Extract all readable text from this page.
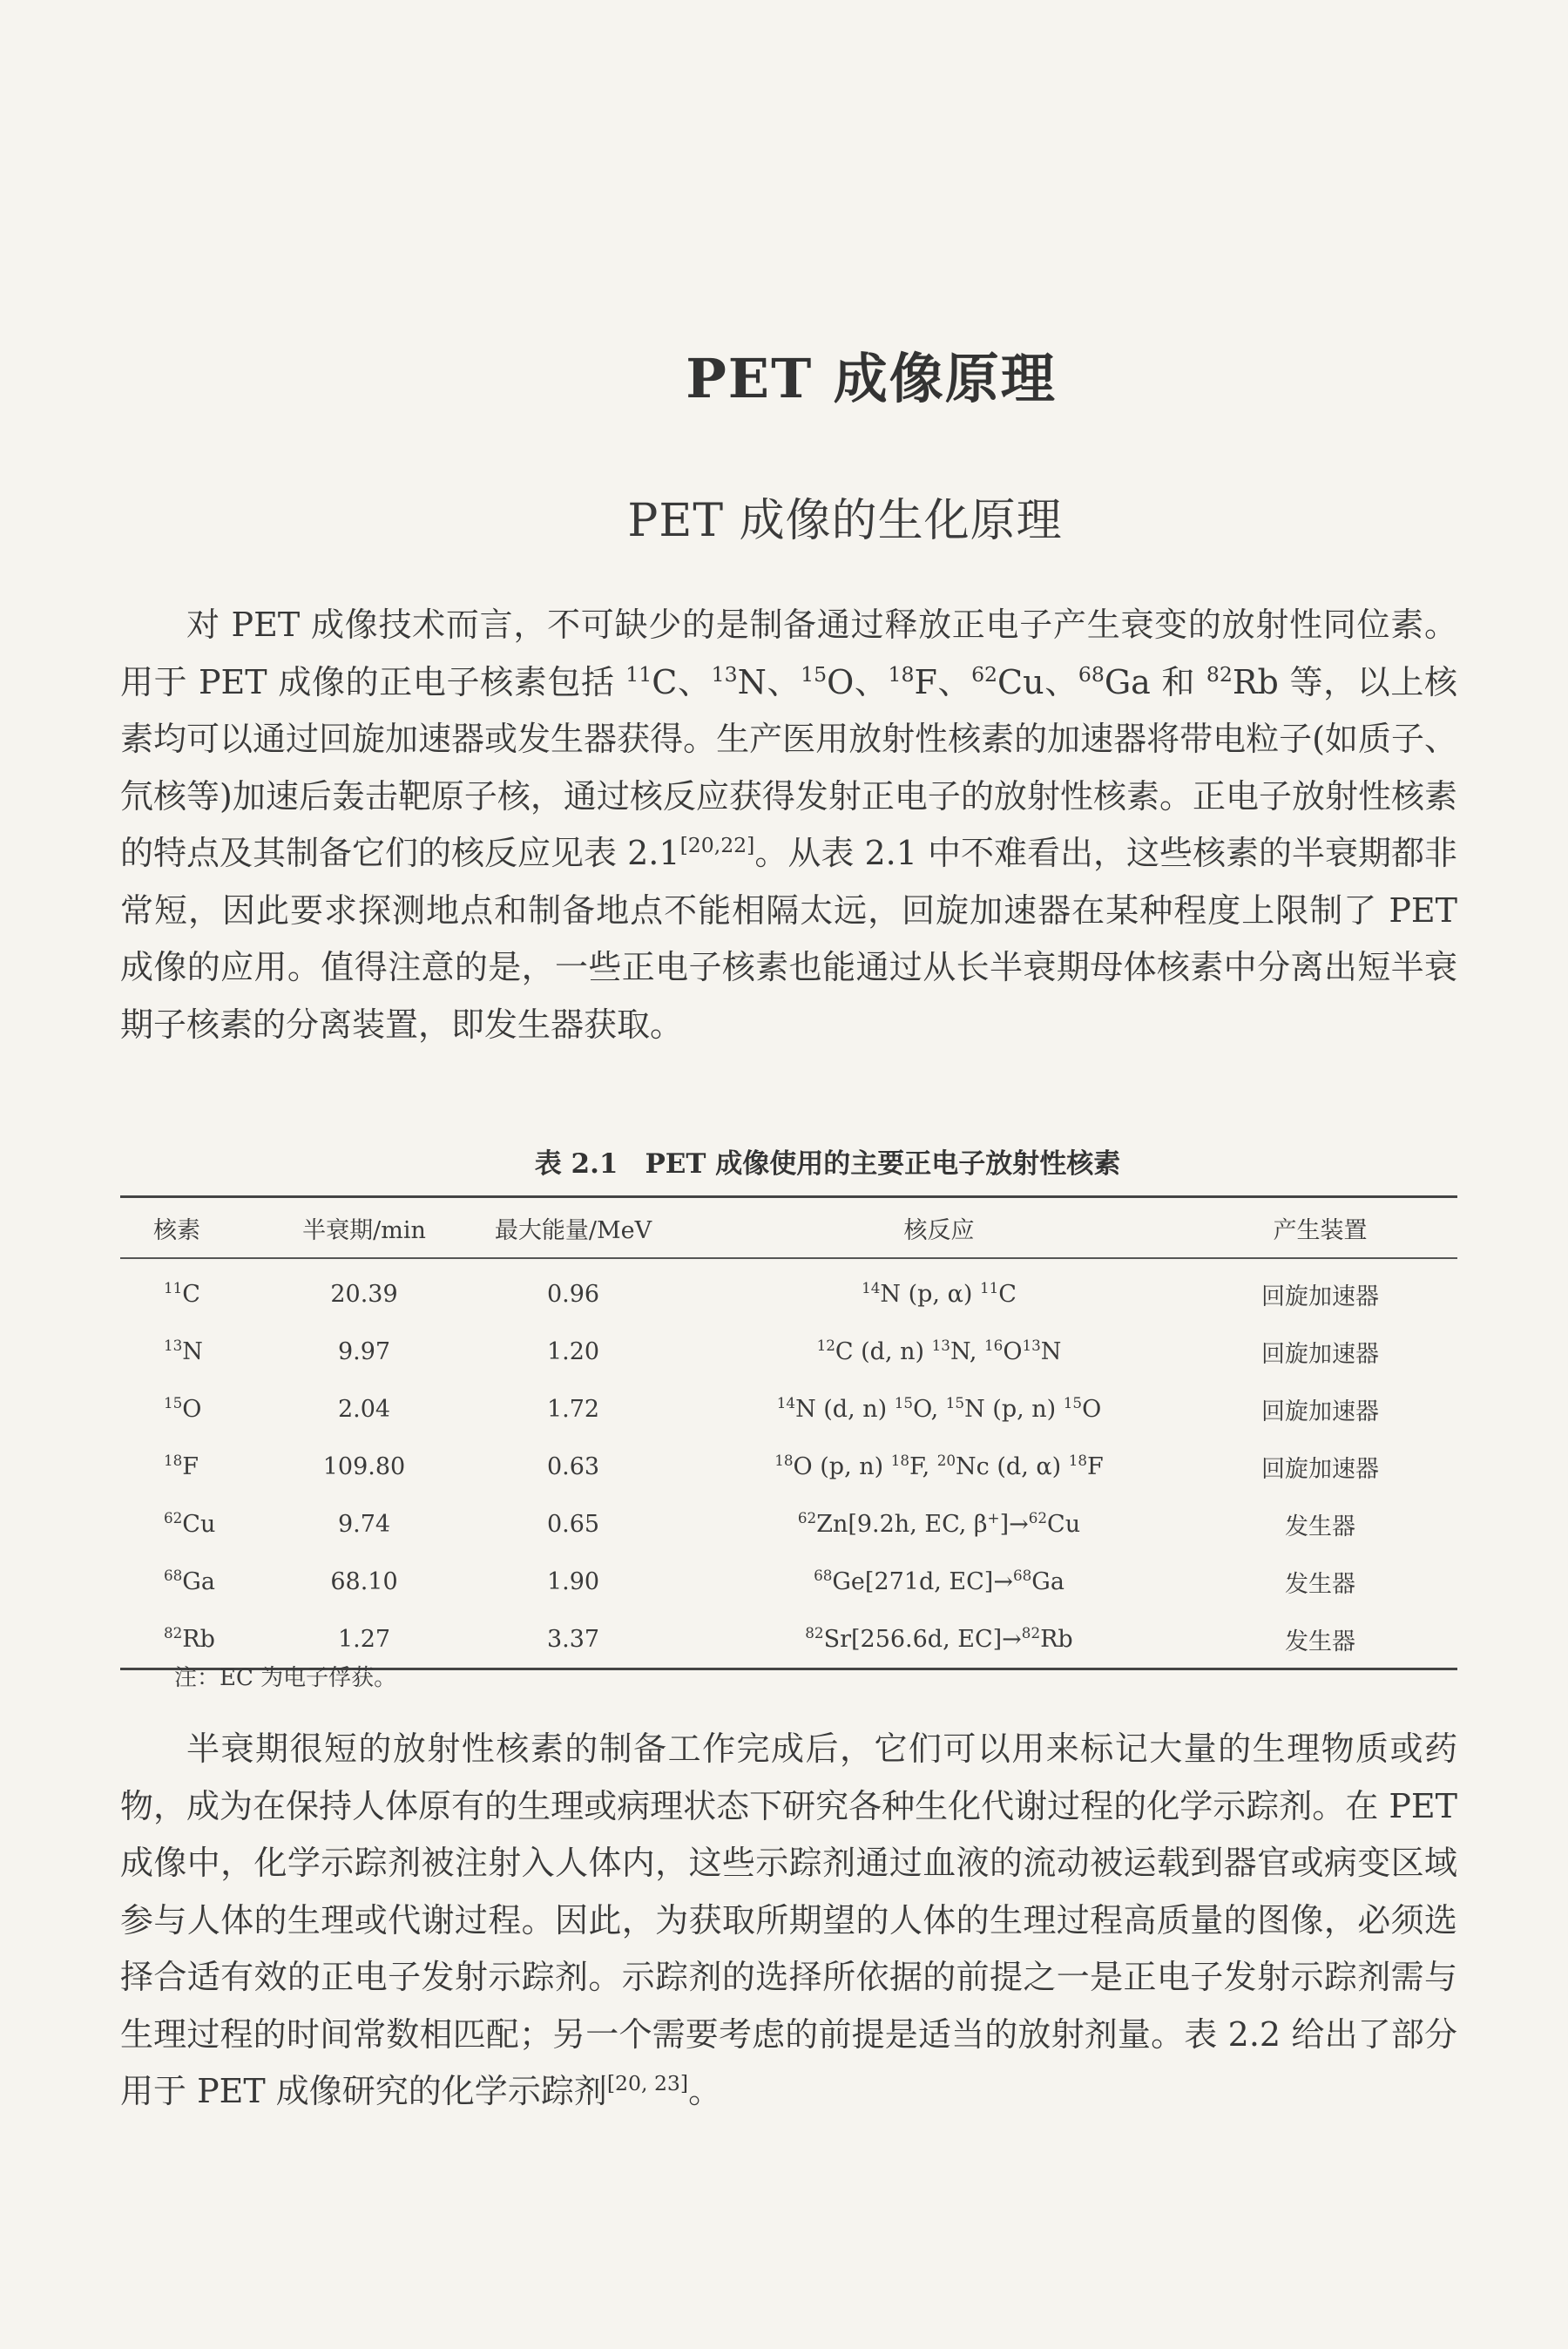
PET 成像原理
PET 成像的生化原理

对 PET 成像技术而言，不可缺少的是制备通过释放正电子产生衰变的放射性同位素。用于 PET 成像的正电子核素包括 $^{11}$C、$^{13}$N、$^{15}$O、$^{18}$F、$^{62}$Cu、$^{68}$Ga 和 $^{82}$Rb 等，以上核素均可以通过回旋加速器或发生器获得。生产医用放射性核素的加速器将带电粒子(如质子、氘核等)加速后轰击靶原子核，通过核反应获得发射正电子的放射性核素。正电子放射性核素的特点及其制备它们的核反应见表 2.1[20,22]。从表 2.1 中不难看出，这些核素的半衰期都非常短，因此要求探测地点和制备地点不能相隔太远，回旋加速器在某种程度上限制了 PET 成像的应用。值得注意的是，一些正电子核素也能通过从长半衰期母体核素中分离出短半衰期子核素的分离装置，即发生器获取。

表 2.1　PET 成像使用的主要正电子放射性核素
核素	半衰期/min	最大能量/MeV	核反应	产生装置
$^{11}$C	20.39	0.96	$^{14}$N (p, α) $^{11}$C	回旋加速器
$^{13}$N	9.97	1.20	$^{12}$C (d, n) $^{13}$N, $^{16}O^{13}N$	回旋加速器
$^{15}$O	2.04	1.72	$^{14}$N (d, n) $^{15}$O, $^{15}$N (p, n) $^{15}$O	回旋加速器
$^{18}$F	109.80	0.63	$^{18}$O (p, n) $^{18}$F, $^{20}$Nc (d, α) $^{18}$F	回旋加速器
$^{62}$Cu	9.74	0.65	$^{62}$Zn[9.2h, EC, β+]→$^{62}$Cu	发生器
$^{68}$Ga	68.10	1.90	$^{68}$Ge[271d, EC]→$^{68}$Ga	发生器
$^{82}$Rb	1.27	3.37	$^{82}$Sr[256.6d, EC]→$^{82}$Rb	发生器
注：EC 为电子俘获。

半衰期很短的放射性核素的制备工作完成后，它们可以用来标记大量的生理物质或药物，成为在保持人体原有的生理或病理状态下研究各种生化代谢过程的化学示踪剂。在 PET 成像中，化学示踪剂被注射入人体内，这些示踪剂通过血液的流动被运载到器官或病变区域参与人体的生理或代谢过程。因此，为获取所期望的人体的生理过程高质量的图像，必须选择合适有效的正电子发射示踪剂。示踪剂的选择所依据的前提之一是正电子发射示踪剂需与生理过程的时间常数相匹配；另一个需要考虑的前提是适当的放射剂量。表 2.2 给出了部分用于 PET 成像研究的化学示踪剂[20, 23]。
